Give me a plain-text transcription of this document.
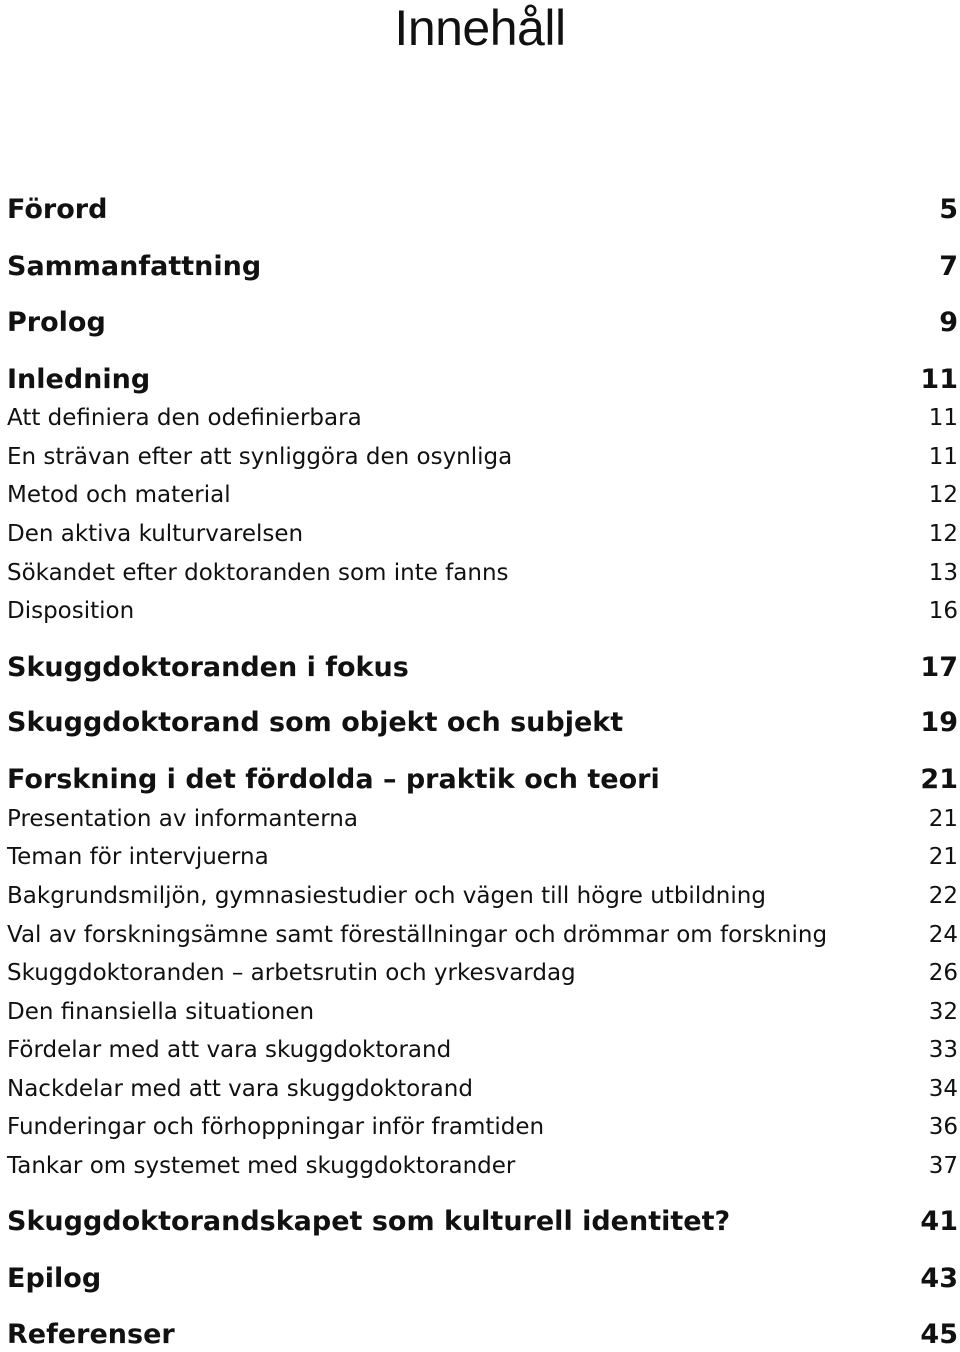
Innehåll
Förord	5
Sammanfattning	7
Prolog	9
Inledning	11
Att definiera den odefinierbara	11
En strävan efter att synliggöra den osynliga	11
Metod och material	12
Den aktiva kulturvarelsen	12
Sökandet efter doktoranden som inte fanns	13
Disposition	16
Skuggdoktoranden i fokus	17
Skuggdoktorand som objekt och subjekt	19
Forskning i det fördolda – praktik och teori	21
Presentation av informanterna	21
Teman för intervjuerna	21
Bakgrundsmiljön, gymnasiestudier och vägen till högre utbildning	22
Val av forskningsämne samt föreställningar och drömmar om forskning	24
Skuggdoktoranden – arbetsrutin och yrkesvardag	26
Den finansiella situationen	32
Fördelar med att vara skuggdoktorand	33
Nackdelar med att vara skuggdoktorand	34
Funderingar och förhoppningar inför framtiden	36
Tankar om systemet med skuggdoktorander	37
Skuggdoktorandskapet som kulturell identitet?	41
Epilog	43
Referenser	45
